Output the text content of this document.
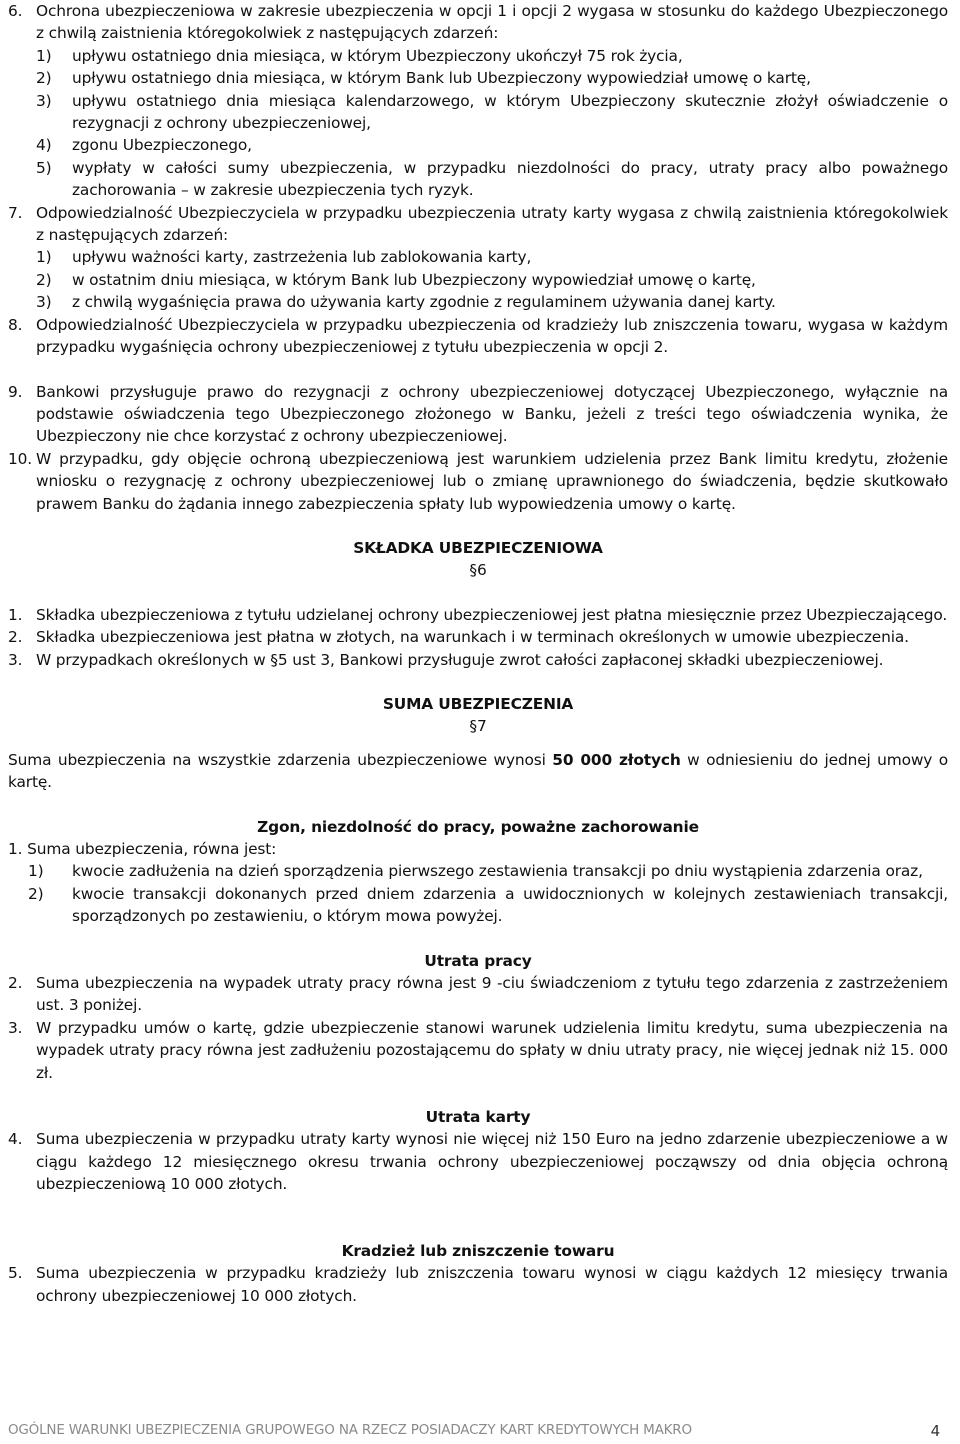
6. Ochrona ubezpieczeniowa w zakresie ubezpieczenia w opcji 1 i opcji 2 wygasa w stosunku do każdego Ubezpieczonego z chwilą zaistnienia któregokolwiek z następujących zdarzeń:
1) upływu ostatniego dnia miesiąca, w którym Ubezpieczony ukończył 75 rok życia,
2) upływu ostatniego dnia miesiąca, w którym Bank lub Ubezpieczony wypowiedział umowę o kartę,
3) upływu ostatniego dnia miesiąca kalendarzowego, w którym Ubezpieczony skutecznie złożył oświadczenie o rezygnacji z ochrony ubezpieczeniowej,
4) zgonu Ubezpieczonego,
5) wypłaty w całości sumy ubezpieczenia, w przypadku niezdolności do pracy, utraty pracy albo poważnego zachorowania – w zakresie ubezpieczenia tych ryzyk.
7. Odpowiedzialność Ubezpieczyciela w przypadku ubezpieczenia utraty karty wygasa z chwilą zaistnienia któregokolwiek z następujących zdarzeń:
1) upływu ważności karty, zastrzeżenia lub zablokowania karty,
2) w ostatnim dniu miesiąca, w którym Bank lub Ubezpieczony wypowiedział umowę o kartę,
3) z chwilą wygaśnięcia prawa do używania karty zgodnie z regulaminem używania danej karty.
8. Odpowiedzialność Ubezpieczyciela w przypadku ubezpieczenia od kradzieży lub zniszczenia towaru, wygasa w każdym przypadku wygaśnięcia ochrony ubezpieczeniowej z tytułu ubezpieczenia w opcji 2.
9. Bankowi przysługuje prawo do rezygnacji z ochrony ubezpieczeniowej dotyczącej Ubezpieczonego, wyłącznie na podstawie oświadczenia tego Ubezpieczonego złożonego w Banku, jeżeli z treści tego oświadczenia wynika, że Ubezpieczony nie chce korzystać z ochrony ubezpieczeniowej.
10. W przypadku, gdy objęcie ochroną ubezpieczeniową jest warunkiem udzielenia przez Bank limitu kredytu, złożenie wniosku o rezygnację z ochrony ubezpieczeniowej lub o zmianę uprawnionego do świadczenia, będzie skutkowało prawem Banku do żądania innego zabezpieczenia spłaty lub wypowiedzenia umowy o kartę.
SKŁADKA UBEZPIECZENIOWA
§6
1. Składka ubezpieczeniowa z tytułu udzielanej ochrony ubezpieczeniowej jest płatna miesięcznie przez Ubezpieczającego.
2. Składka ubezpieczeniowa jest płatna w złotych, na warunkach i w terminach określonych w umowie ubezpieczenia.
3. W przypadkach określonych w §5 ust 3, Bankowi przysługuje zwrot całości zapłaconej składki ubezpieczeniowej.
SUMA UBEZPIECZENIA
§7
Suma ubezpieczenia na wszystkie zdarzenia ubezpieczeniowe wynosi 50 000 złotych w odniesieniu do jednej umowy o kartę.
Zgon, niezdolność do pracy, poważne zachorowanie
1. Suma ubezpieczenia, równa jest:
1) kwocie zadłużenia na dzień sporządzenia pierwszego zestawienia transakcji po dniu wystąpienia zdarzenia oraz,
2) kwocie transakcji dokonanych przed dniem zdarzenia a uwidocznionych w kolejnych zestawieniach transakcji, sporządzonych po zestawieniu, o którym mowa powyżej.
Utrata pracy
2. Suma ubezpieczenia na wypadek utraty pracy równa jest 9 -ciu świadczeniom z tytułu tego zdarzenia z zastrzeżeniem ust. 3 poniżej.
3. W przypadku umów o kartę, gdzie ubezpieczenie stanowi warunek udzielenia limitu kredytu, suma ubezpieczenia na wypadek utraty pracy równa jest zadłużeniu pozostającemu do spłaty w dniu utraty pracy, nie więcej jednak niż 15. 000 zł.
Utrata karty
4. Suma ubezpieczenia w przypadku utraty karty wynosi nie więcej niż 150 Euro na jedno zdarzenie ubezpieczeniowe a w ciągu każdego 12 miesięcznego okresu trwania ochrony ubezpieczeniowej począwszy od dnia objęcia ochroną ubezpieczeniową 10 000 złotych.
Kradzież lub zniszczenie towaru
5. Suma ubezpieczenia w przypadku kradzieży lub zniszczenia towaru wynosi w ciągu każdych 12 miesięcy trwania ochrony ubezpieczeniowej 10 000 złotych.
OGÓLNE WARUNKI UBEZPIECZENIA GRUPOWEGO NA RZECZ POSIADACZY KART KREDYTOWYCH MAKRO	4
